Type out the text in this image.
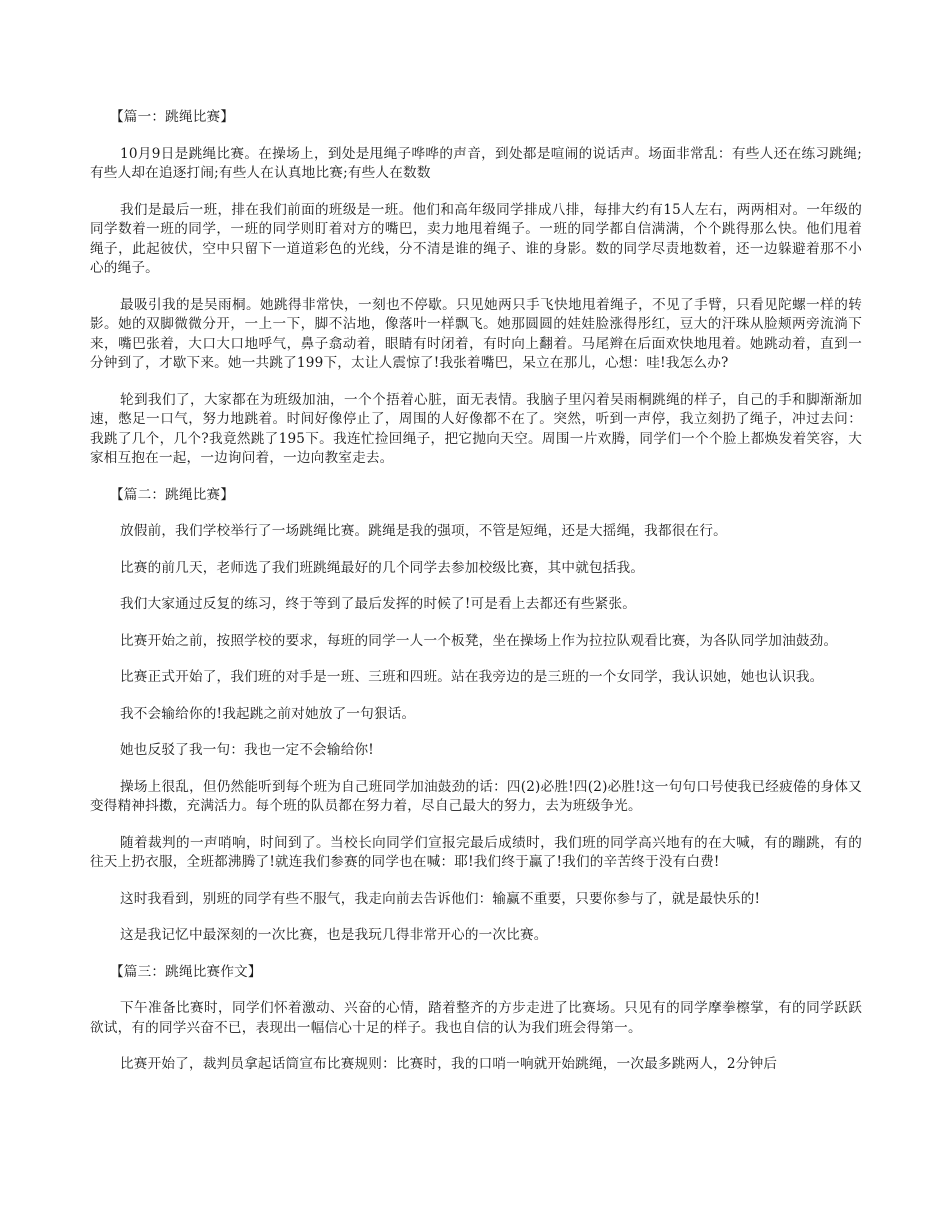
【篇一：跳绳比赛】
10月9日是跳绳比赛。在操场上，到处是甩绳子哗哗的声音，到处都是喧闹的说话声。场面非常乱：有些人还在练习跳绳;有些人却在追逐打闹;有些人在认真地比赛;有些人在数数
我们是最后一班，排在我们前面的班级是一班。他们和高年级同学排成八排，每排大约有15人左右，两两相对。一年级的同学数着一班的同学，一班的同学则盯着对方的嘴巴，卖力地甩着绳子。一班的同学都自信满满，个个跳得那么快。他们甩着绳子，此起彼伏，空中只留下一道道彩色的光线，分不清是谁的绳子、谁的身影。数的同学尽责地数着，还一边躲避着那不小心的绳子。
最吸引我的是吴雨桐。她跳得非常快，一刻也不停歇。只见她两只手飞快地甩着绳子，不见了手臂，只看见陀螺一样的转影。她的双脚微微分开，一上一下，脚不沾地，像落叶一样飘飞。她那圆圆的娃娃脸涨得彤红，豆大的汗珠从脸颊两旁流淌下来，嘴巴张着，大口大口地呼气，鼻子翕动着，眼睛有时闭着，有时向上翻着。马尾辫在后面欢快地甩着。她跳动着，直到一分钟到了，才歇下来。她一共跳了199下，太让人震惊了!我张着嘴巴，呆立在那儿，心想：哇!我怎么办?
轮到我们了，大家都在为班级加油，一个个捂着心脏，面无表情。我脑子里闪着吴雨桐跳绳的样子，自己的手和脚渐渐加速，憋足一口气，努力地跳着。时间好像停止了，周围的人好像都不在了。突然，听到一声停，我立刻扔了绳子，冲过去问：我跳了几个，几个?我竟然跳了195下。我连忙捡回绳子，把它抛向天空。周围一片欢腾，同学们一个个脸上都焕发着笑容，大家相互抱在一起，一边询问着，一边向教室走去。
【篇二：跳绳比赛】
放假前，我们学校举行了一场跳绳比赛。跳绳是我的强项，不管是短绳，还是大摇绳，我都很在行。
比赛的前几天，老师选了我们班跳绳最好的几个同学去参加校级比赛，其中就包括我。
我们大家通过反复的练习，终于等到了最后发挥的时候了!可是看上去都还有些紧张。
比赛开始之前，按照学校的要求，每班的同学一人一个板凳，坐在操场上作为拉拉队观看比赛，为各队同学加油鼓劲。
比赛正式开始了，我们班的对手是一班、三班和四班。站在我旁边的是三班的一个女同学，我认识她，她也认识我。
我不会输给你的!我起跳之前对她放了一句狠话。
她也反驳了我一句：我也一定不会输给你!
操场上很乱，但仍然能听到每个班为自己班同学加油鼓劲的话：四(2)必胜!四(2)必胜!这一句句口号使我已经疲倦的身体又变得精神抖擞，充满活力。每个班的队员都在努力着，尽自己最大的努力，去为班级争光。
随着裁判的一声哨响，时间到了。当校长向同学们宣报完最后成绩时，我们班的同学高兴地有的在大喊，有的蹦跳，有的往天上扔衣服，全班都沸腾了!就连我们参赛的同学也在喊：耶!我们终于赢了!我们的辛苦终于没有白费!
这时我看到，别班的同学有些不服气，我走向前去告诉他们：输赢不重要，只要你参与了，就是最快乐的!
这是我记忆中最深刻的一次比赛，也是我玩几得非常开心的一次比赛。
【篇三：跳绳比赛作文】
下午准备比赛时，同学们怀着激动、兴奋的心情，踏着整齐的方步走进了比赛场。只见有的同学摩拳檫掌，有的同学跃跃欲试，有的同学兴奋不已，表现出一幅信心十足的样子。我也自信的认为我们班会得第一。
比赛开始了，裁判员拿起话筒宣布比赛规则：比赛时，我的口哨一响就开始跳绳，一次最多跳两人，2分钟后
